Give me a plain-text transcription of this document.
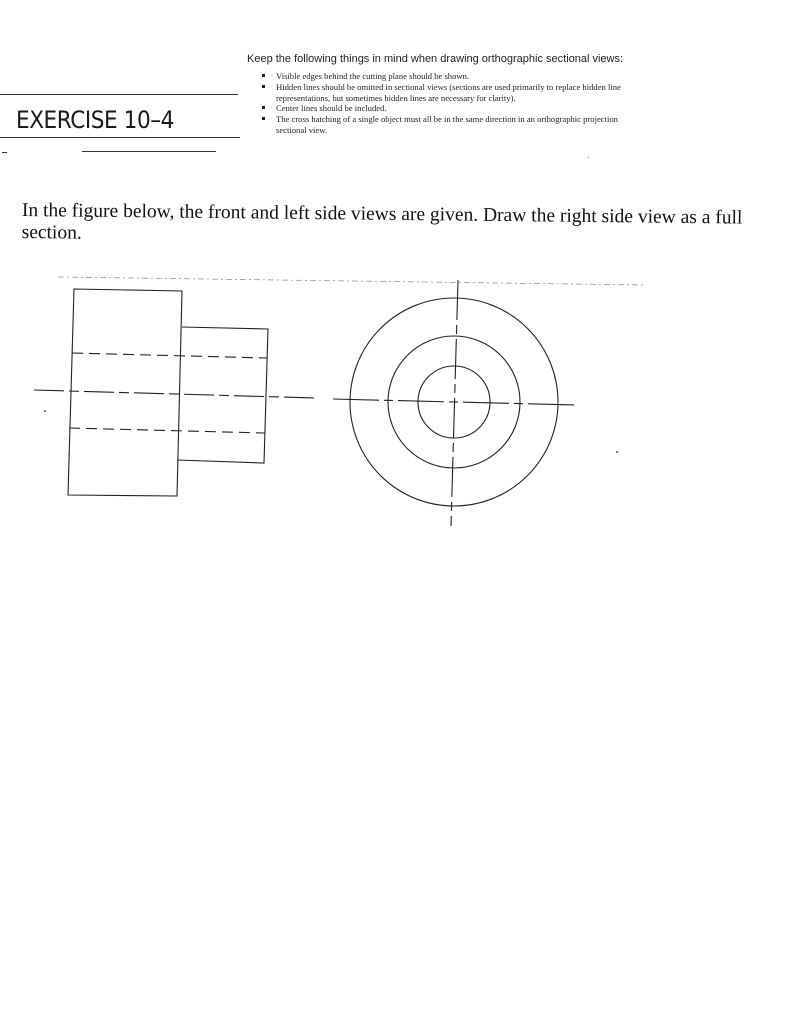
Keep the following things in mind when drawing orthographic sectional views:

Visible edges behind the cutting plane should be shown.
Hidden lines should be omitted in sectional views (sections are used primarily to replace hidden line representations, but sometimes hidden lines are necessary for clarity).
Center lines should be included.
The cross hatching of a single object must all be in the same direction in an orthographic projection sectional view.
EXERCISE 10–4

In the figure below, the front and left side views are given. Draw the right side view as a full section.
